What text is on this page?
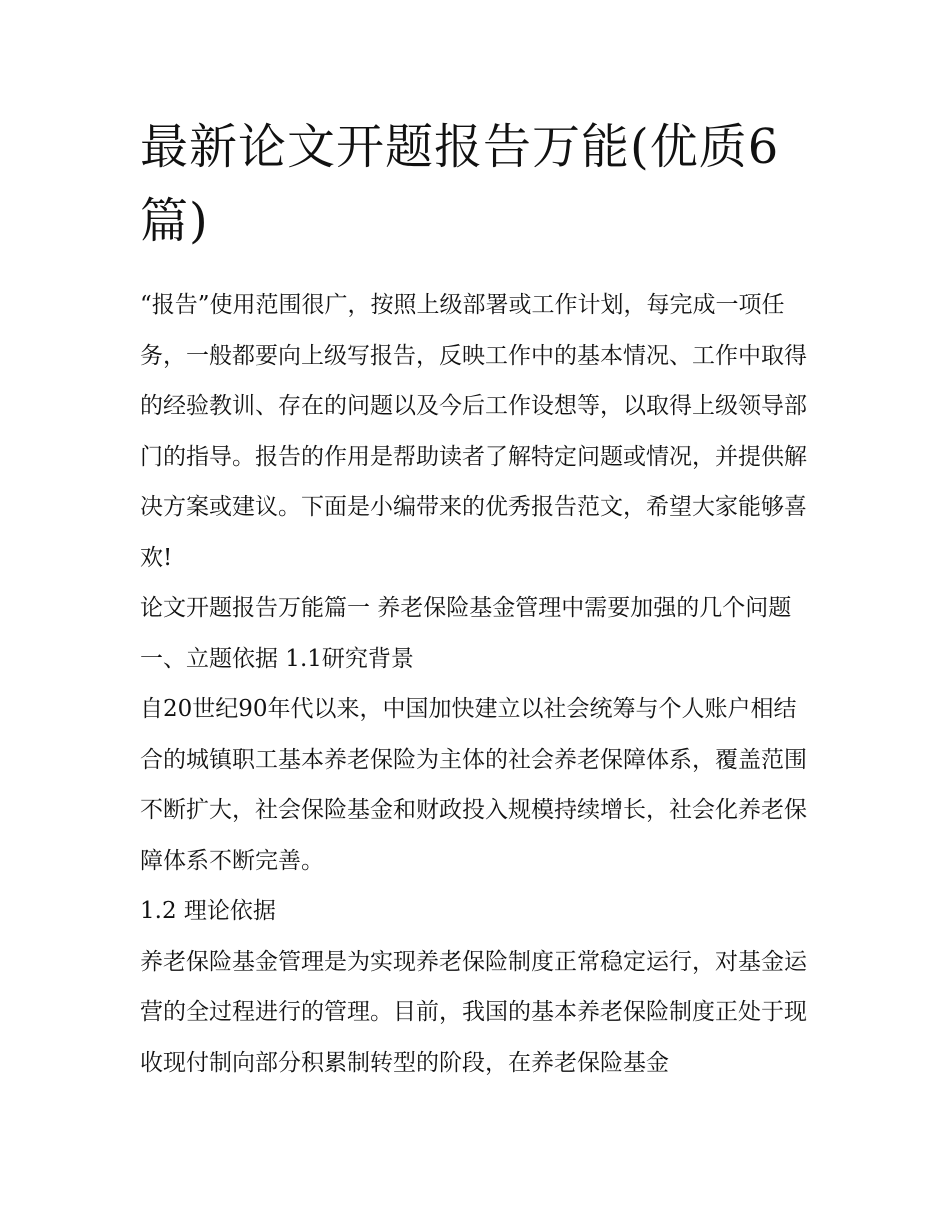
最新论文开题报告万能(优质6篇)

“报告”使用范围很广，按照上级部署或工作计划，每完成一项任务，一般都要向上级写报告，反映工作中的基本情况、工作中取得的经验教训、存在的问题以及今后工作设想等，以取得上级领导部门的指导。报告的作用是帮助读者了解特定问题或情况，并提供解决方案或建议。下面是小编带来的优秀报告范文，希望大家能够喜欢!

论文开题报告万能篇一 养老保险基金管理中需要加强的几个问题 一、立题依据 1.1研究背景

自20世纪90年代以来，中国加快建立以社会统筹与个人账户相结合的城镇职工基本养老保险为主体的社会养老保障体系，覆盖范围不断扩大，社会保险基金和财政投入规模持续增长，社会化养老保障体系不断完善。

1.2 理论依据

养老保险基金管理是为实现养老保险制度正常稳定运行，对基金运营的全过程进行的管理。目前，我国的基本养老保险制度正处于现收现付制向部分积累制转型的阶段，在养老保险基金
